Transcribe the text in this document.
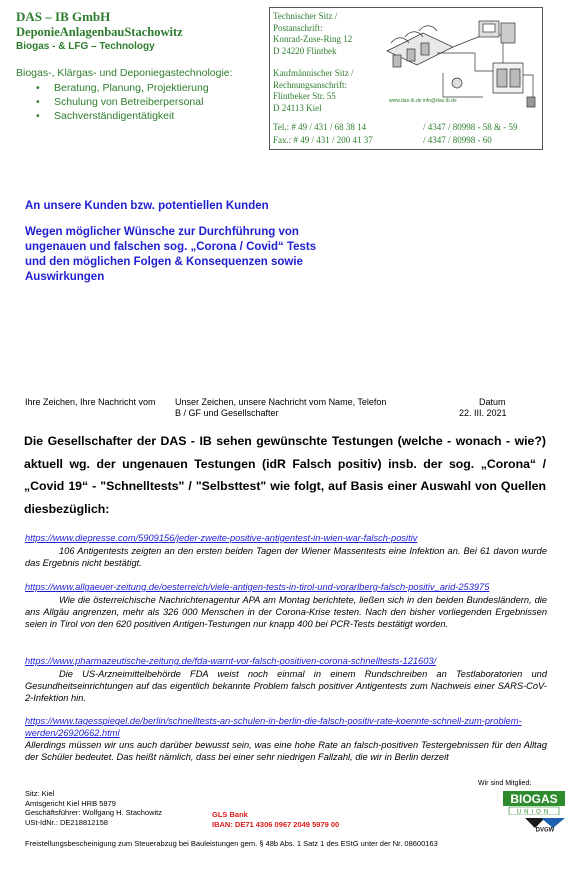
DAS – IB GmbH
DeponieAnlagenbauStachowitz
Biogas - & LFG – Technology
Biogas-, Klärgas- und Deponiegastechnologie:
• Beratung, Planung, Projektierung
• Schulung von Betreiberpersonal
• Sachverständigentätigkeit
Technischer Sitz /
Postanschrift:
Konrad-Zuse-Ring 12
D 24220 Flintbek
Kaufmännischer Sitz /
Rechnungsanschrift:
Flintbeker Str. 55
D 24113 Kiel
Tel.: # 49 / 431 / 68 38 14
Fax.: # 49 / 431 / 200 41 37
/ 4347 / 80998 - 58 & - 59
/ 4347 / 80998 - 60
www.das-ib.de info@das-ib.de
An unsere Kunden bzw. potentiellen Kunden
Wegen möglicher Wünsche zur Durchführung von ungenauen und falschen sog. „Corona / Covid“ Tests und den möglichen Folgen & Konsequenzen sowie Auswirkungen
Ihre Zeichen, Ihre Nachricht vom Unser Zeichen, unsere Nachricht vom Name, Telefon
B / GF und Gesellschafter
Datum
22. III. 2021
Die Gesellschafter der DAS - IB sehen gewünschte Testungen (welche - wonach - wie?) aktuell wg. der ungenauen Testungen (idR Falsch positiv) insb. der sog. „Corona“ / „Covid 19“ - "Schnelltests" / "Selbsttest" wie folgt, auf Basis einer Auswahl von Quellen diesbezüglich:
https://www.diepresse.com/5909156/jeder-zweite-positive-antigentest-in-wien-war-falsch-positiv
106 Antigentests zeigten an den ersten beiden Tagen der Wiener Massentests eine Infektion an. Bei 61 davon wurde das Ergebnis nicht bestätigt.
https://www.allgaeuer-zeitung.de/oesterreich/viele-antigen-tests-in-tirol-und-vorarlberg-falsch-positiv_arid-253975
Wie die österreichische Nachrichtenagentur APA am Montag berichtete, ließen sich in den beiden Bundesländern, die ans Allgäu angrenzen, mehr als 326 000 Menschen in der Corona-Krise testen. Nach den bisher vorliegenden Ergebnissen seien in Tirol von den 620 positiven Antigen-Testungen nur knapp 400 bei PCR-Tests bestätigt worden.
https://www.pharmazeutische-zeitung.de/fda-warnt-vor-falsch-positiven-corona-schnelltests-121603/
Die US-Arzneimittelbehörde FDA weist noch einmal in einem Rundschreiben an Testlaboratorien und Gesundheitseinrichtungen auf das eigentlich bekannte Problem falsch positiver Antigentests zum Nachweis einer SARS-CoV-2-Infektion hin.
https://www.tagesspiegel.de/berlin/schnelltests-an-schulen-in-berlin-die-falsch-positiv-rate-koennte-schnell-zum-problem-werden/26920662.html
Allerdings müssen wir uns auch darüber bewusst sein, was eine hohe Rate an falsch-positiven Testergebnissen für den Alltag der Schüler bedeutet. Das heißt nämlich, dass bei einer sehr niedrigen Fallzahl, die wir in Berlin derzeit
Sitz: Kiel
Amtsgericht Kiel HRB 5879
Geschäftsführer: Wolfgang H. Stachowitz
USt-IdNr.: DE218812158
GLS Bank
IBAN: DE71 4306 0967 2049 5979 00
Wir sind Mitglied:
BIOGAS
UNION
DVGW
Freistellungsbescheinigung zum Steuerabzug bei Bauleistungen gem. § 48b Abs. 1 Satz 1 des EStG unter der Nr. 08600163
